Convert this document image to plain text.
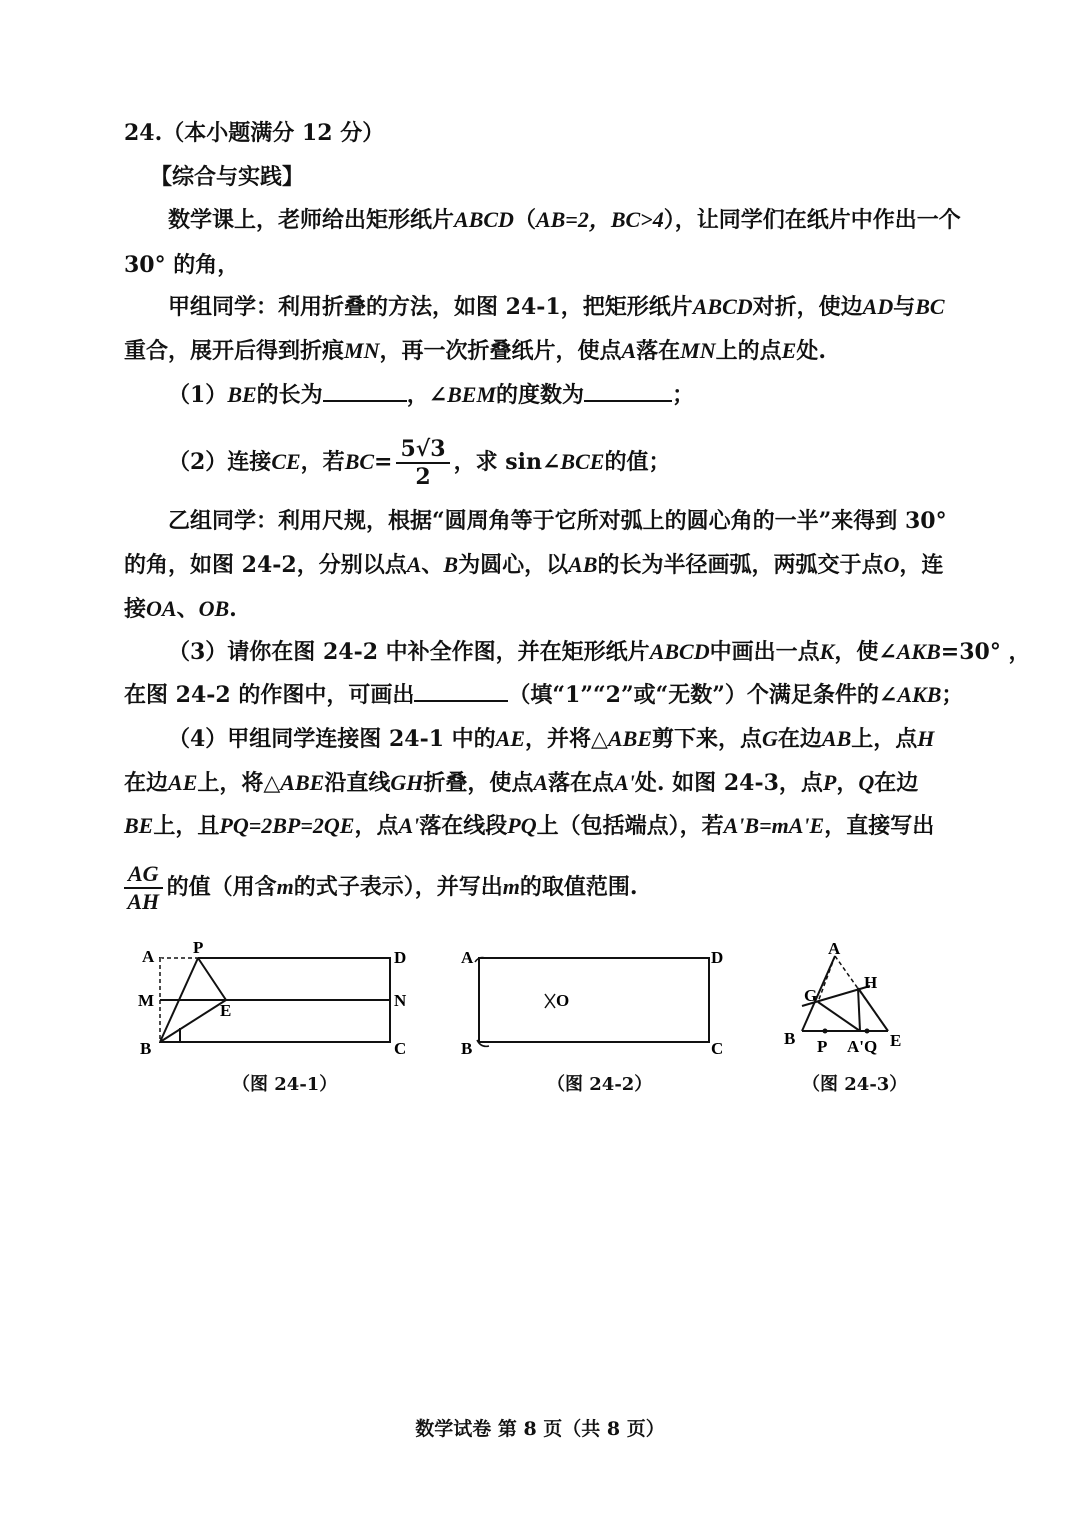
24.（本小题满分 12 分）
【综合与实践】
数学课上，老师给出矩形纸片ABCD（AB=2，BC>4），让同学们在纸片中作出一个
30° 的角，
甲组同学：利用折叠的方法，如图 24-1，把矩形纸片ABCD对折，使边AD与BC
重合，展开后得到折痕MN，再一次折叠纸片，使点A落在MN上的点E处.
（1）BE的长为	，∠BEM的度数为	；
（2）连接CE，若$BC= \frac{5√3}{2}$ ，求 sin∠BCE的值；
乙组同学：利用尺规，根据“圆周角等于它所对弧上的圆心角的一半”来得到 30°
的角，如图 24-2，分别以点A、B为圆心，以AB的长为半径画弧，两弧交于点O，连
接OA、OB.
（3）请你在图 24-2 中补全作图，并在矩形纸片ABCD中画出一点K，使∠AKB=30° ，
在图 24-2 的作图中，可画出	（填“1”“2”或“无数”）个满足条件的∠AKB；
（4）甲组同学连接图 24-1 中的AE，并将△ABE剪下来，点G在边AB上，点H
在边AE上，将△ABE沿直线GH折叠，使点A落在点A'处. 如图 24-3，点P，Q在边
BE上，且PQ=2BP=2QE，点A'落在线段PQ上（包括端点），若A'B=mA'E，直接写出
$\frac{AG}{AH}$ 的值（用含m的式子表示），并写出m的取值范围.
A P
D
M	N
E
B	C
（图 24-1）
A	D
O
B	C
（图 24-2）
A
H
G
B P A' Q E
（图 24-3）
数学试卷 第 8 页（共 8 页）
